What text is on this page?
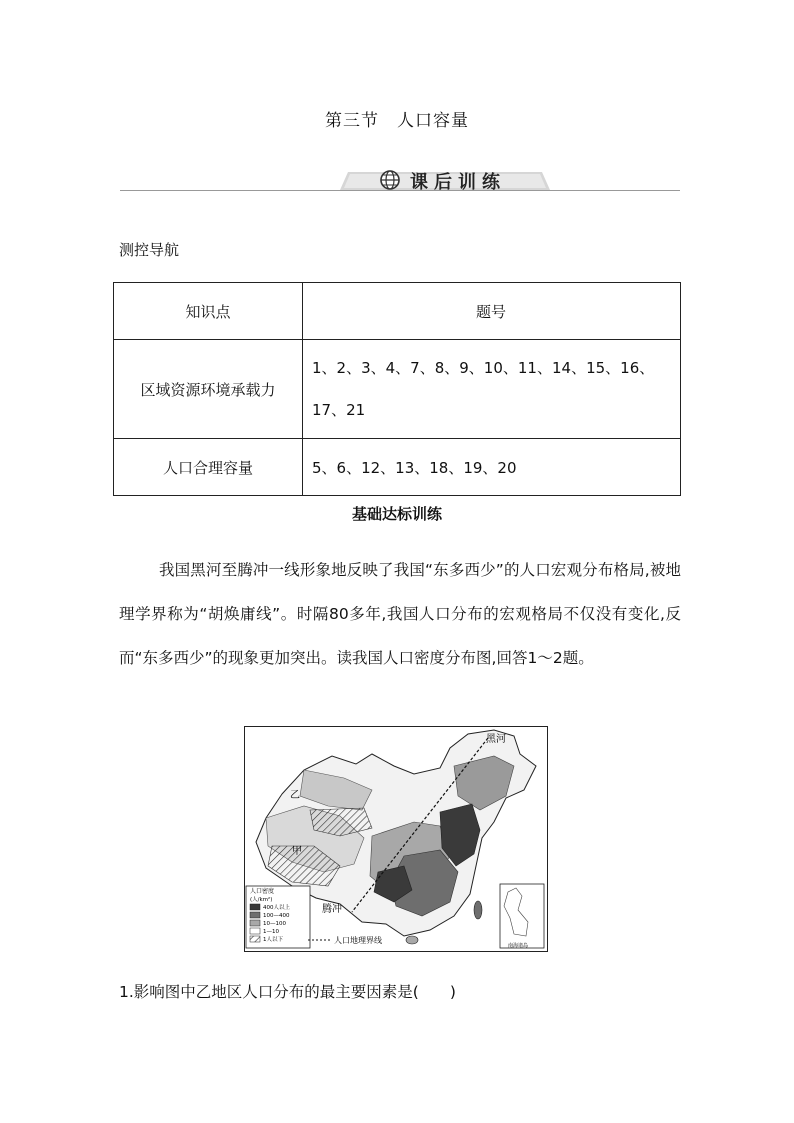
第三节　人口容量
课后训练
测控导航
知识点	题号
区域资源环境承载力	1、2、3、4、7、8、9、10、11、14、15、16、
17、21

人口合理容量	5、6、12、13、18、19、20
基础达标训练
我国黑河至腾冲一线形象地反映了我国“东多西少”的人口宏观分布格局,被地理学界称为“胡焕庸线”。时隔80多年,我国人口分布的宏观格局不仅没有变化,反而“东多西少”的现象更加突出。读我国人口密度分布图,回答1～2题。
黑河
腾冲
乙
甲
人口地理界线
南海诸岛
人口密度
(人/km²)
400人以上
100—400
10—100
1—10
1人以下
1.影响图中乙地区人口分布的最主要因素是(　　)
